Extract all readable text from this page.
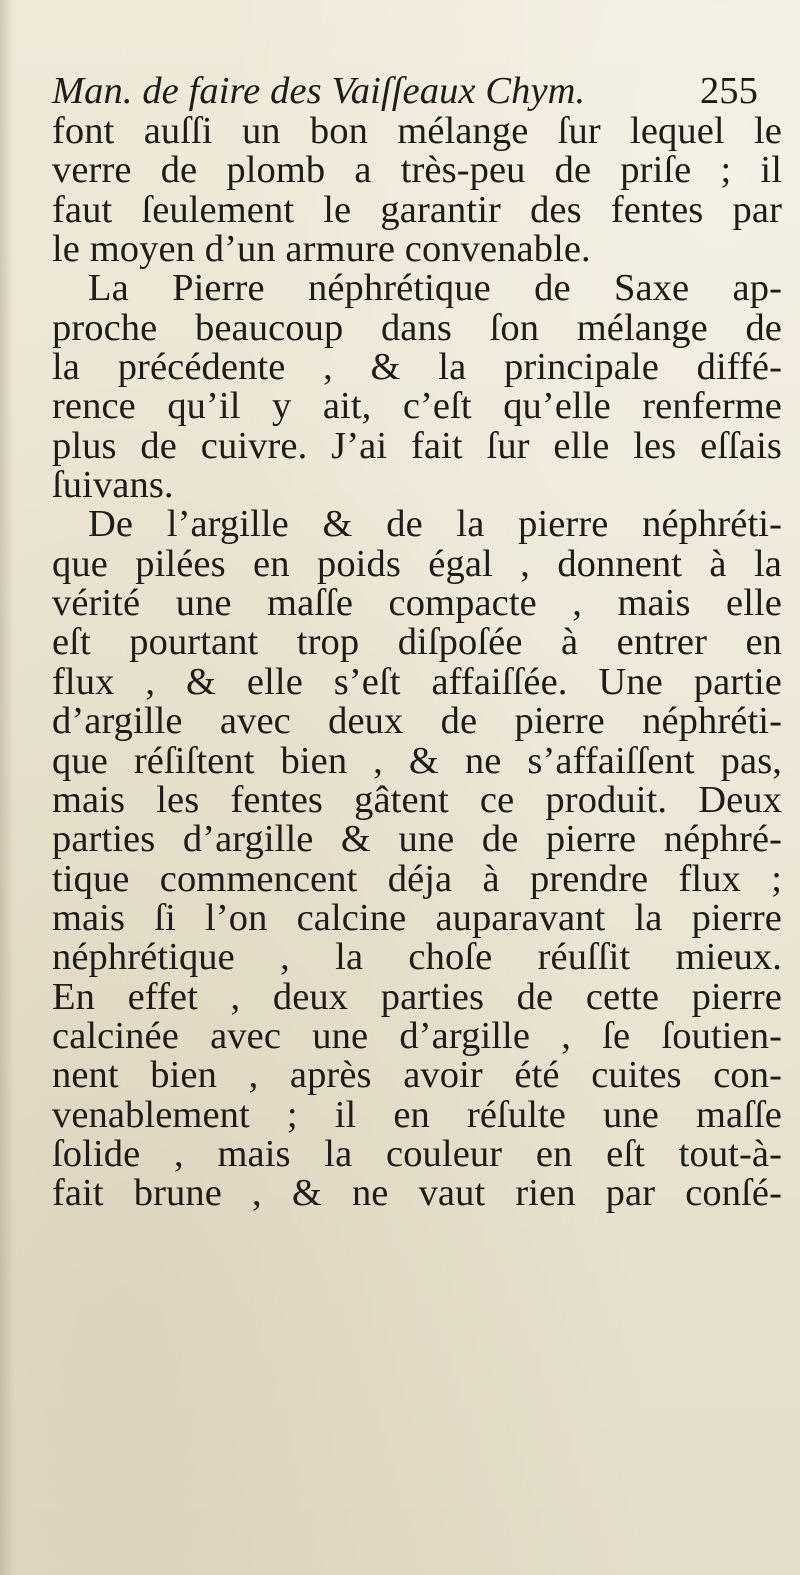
Man. de faire des Vaiſſeaux Chym.	255
font auſſi un bon mélange ſur lequel le
verre de plomb a très-peu de priſe ; il
faut ſeulement le garantir des fentes par
le moyen d’un armure convenable.
La Pierre néphrétique de Saxe ap-
proche beaucoup dans ſon mélange de
la précédente , & la principale diffé-
rence qu’il y ait, c’eſt qu’elle renferme
plus de cuivre. J’ai fait ſur elle les eſſais
ſuivans.
De l’argille & de la pierre néphréti-
que pilées en poids égal , donnent à la
vérité une maſſe compacte , mais elle
eſt pourtant trop diſpoſée à entrer en
flux , & elle s’eſt affaiſſée. Une partie
d’argille avec deux de pierre néphréti-
que réſiſtent bien , & ne s’affaiſſent pas,
mais les fentes gâtent ce produit. Deux
parties d’argille & une de pierre néphré-
tique commencent déja à prendre flux ;
mais ſi l’on calcine auparavant la pierre
néphrétique , la choſe réuſſit mieux.
En effet , deux parties de cette pierre
calcinée avec une d’argille , ſe ſoutien-
nent bien , après avoir été cuites con-
venablement ; il en réſulte une maſſe
ſolide , mais la couleur en eſt tout-à-
fait brune , & ne vaut rien par conſé-
